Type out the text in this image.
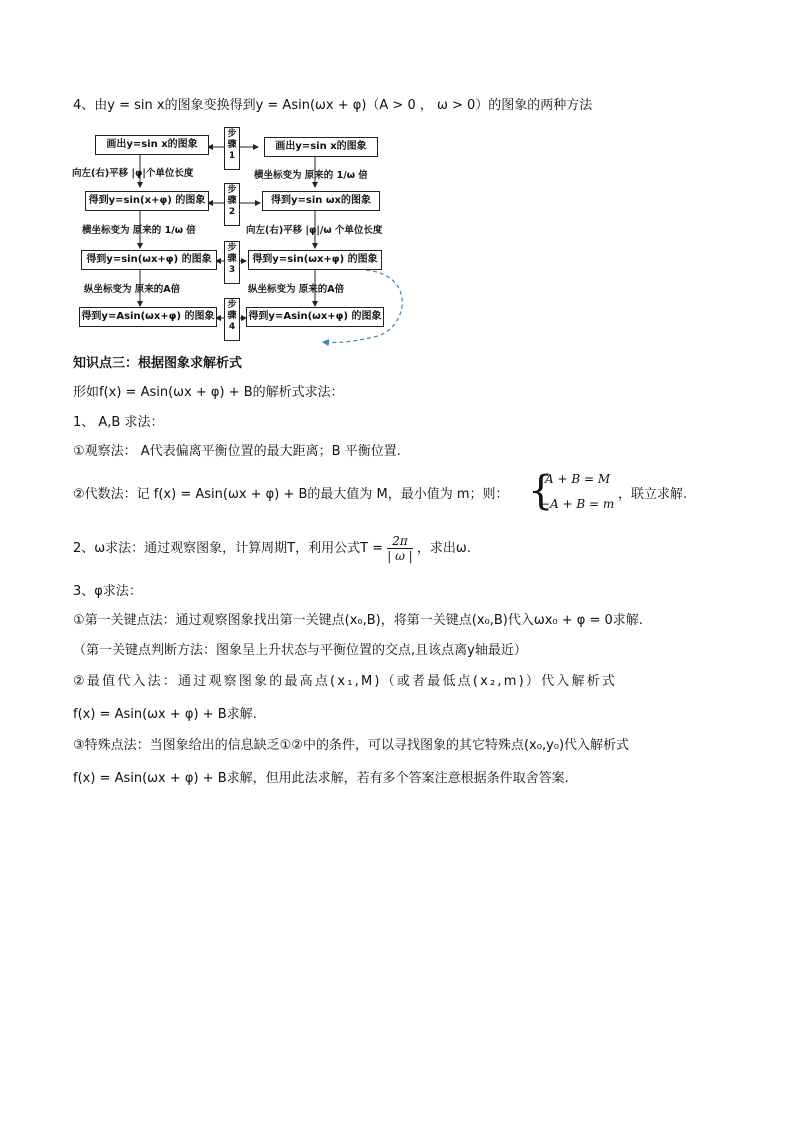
4、由y = sin x的图象变换得到y = Asin(ωx + φ)（A > 0 ， ω > 0）的图象的两种方法
画出y=sin x的图象
得到y=sin(x+φ) 的图象
得到y=sin(ωx+φ) 的图象
得到y=Asin(ωx+φ) 的图象
画出y=sin x的图象
得到y=sin ωx的图象
得到y=sin(ωx+φ) 的图象
得到y=Asin(ωx+φ) 的图象
步骤1
步骤2
步骤3
步骤4
向左(右)平移 |φ|个单位长度
横坐标变为 原来的 1/ω 倍
纵坐标变为 原来的A倍
横坐标变为 原来的 1/ω 倍
向左(右)平移 |φ|/ω 个单位长度
纵坐标变为 原来的A倍
知识点三：根据图象求解析式
形如f(x) = Asin(ωx + φ) + B的解析式求法：
1、 A,B 求法：
①观察法： A代表偏离平衡位置的最大距离；B 平衡位置.
②代数法：记 f(x) = Asin(ωx + φ) + B的最大值为 M，最小值为 m；则： {
A + B = M
−A + B = m
，联立求解.
2、ω求法：通过观察图象，计算周期T，利用公式$T = \frac{2\pi}{| \omega |}$ ，求出ω.
3、φ求法：
①第一关键点法：通过观察图象找出第一关键点(x₀,B)，将第一关键点(x₀,B)代入ωx₀ + φ = 0求解.
（第一关键点判断方法：图象呈上升状态与平衡位置的交点,且该点离y轴最近）
②最值代入法：通过观察图象的最高点(x₁,M)（或者最低点(x₂,m)）代入解析式
f(x) = Asin(ωx + φ) + B求解.
③特殊点法：当图象给出的信息缺乏①②中的条件，可以寻找图象的其它特殊点(x₀,y₀)代入解析式
f(x) = Asin(ωx + φ) + B求解，但用此法求解，若有多个答案注意根据条件取舍答案.
